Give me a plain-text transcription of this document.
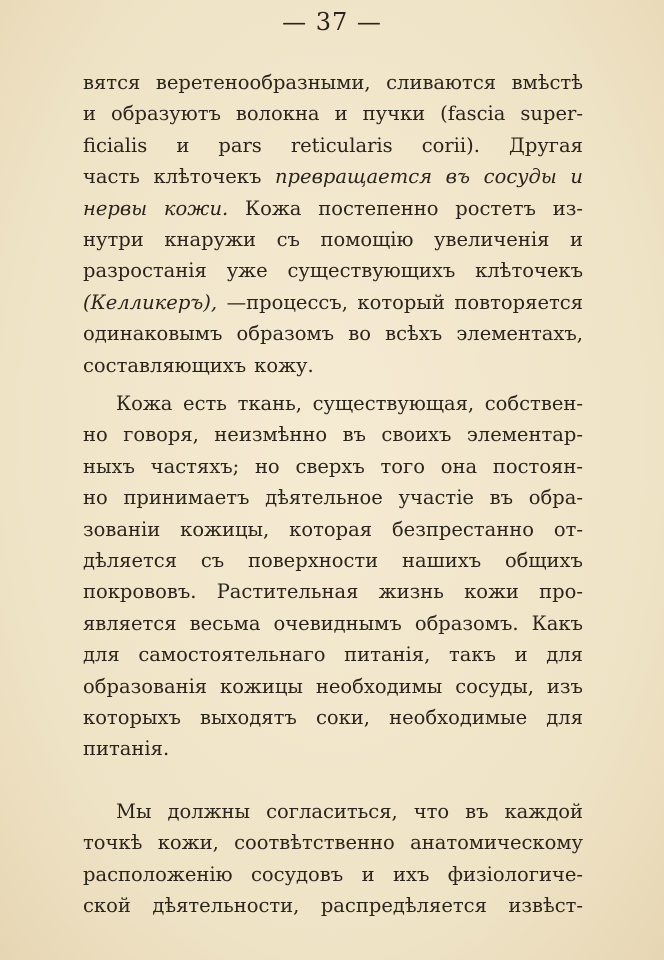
— 37 —
вятся веретенообразными, сливаются вмѣстѣ
и образуютъ волокна и пучки (fascia super-
ficialis и pars reticularis corii). Другая
часть клѣточекъ превращается въ сосуды и
нервы кожи. Кожа постепенно ростетъ из-
нутри кнаружи съ помощію увеличенія и
разростанія уже существующихъ клѣточекъ
(Келликеръ), —процессъ, который повторяется
одинаковымъ образомъ во всѣхъ элементахъ,
составляющихъ кожу.
Кожа есть ткань, существующая, собствен-
но говоря, неизмѣнно въ своихъ элементар-
ныхъ частяхъ; но сверхъ того она постоян-
но принимаетъ дѣятельное участіе въ обра-
зованіи кожицы, которая безпрестанно от-
дѣляется съ поверхности нашихъ общихъ
покрововъ. Растительная жизнь кожи про-
является весьма очевиднымъ образомъ. Какъ
для самостоятельнаго питанія, такъ и для
образованія кожицы необходимы сосуды, изъ
которыхъ выходятъ соки, необходимые для
питанія.
Мы должны согласиться, что въ каждой
точкѣ кожи, соотвѣтственно анатомическому
расположенію сосудовъ и ихъ физіологиче-
ской дѣятельности, распредѣляется извѣст-
